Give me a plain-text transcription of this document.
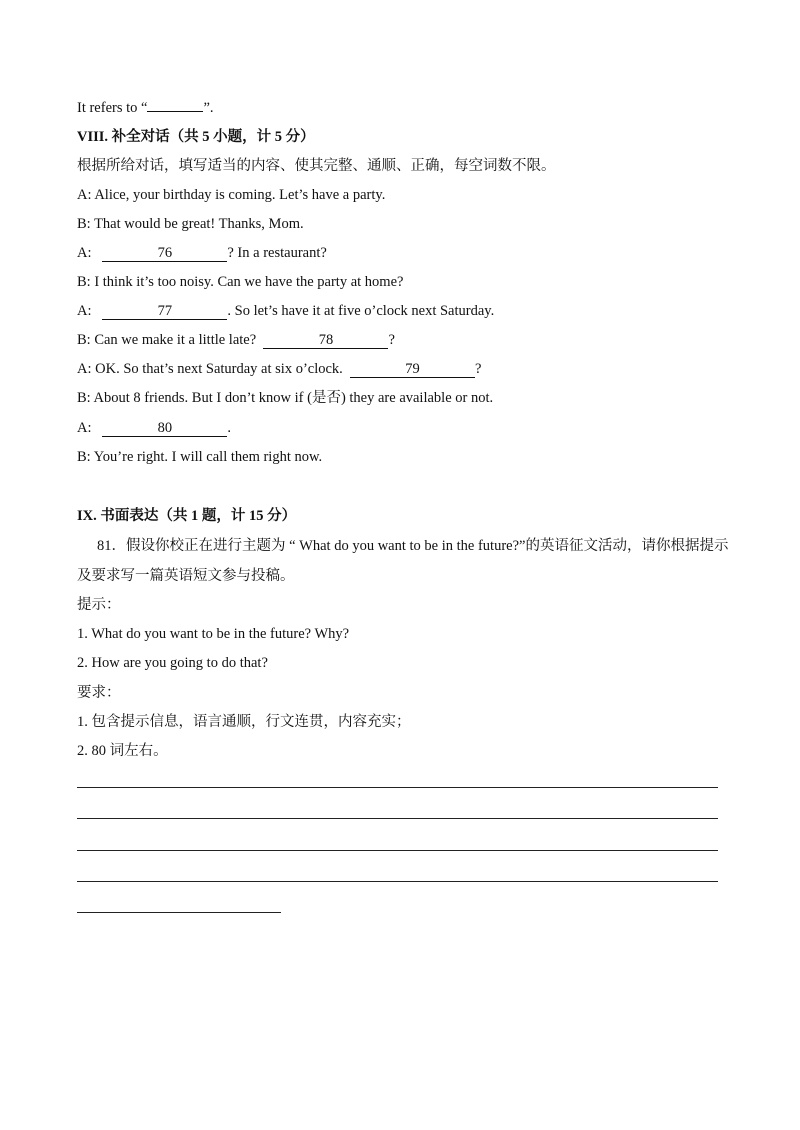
It refers to “	”.
VIII. 补全对话（共 5 小题，计 5 分）
根据所给对话，填写适当的内容、使其完整、通顺、正确，每空词数不限。
A: Alice, your birthday is coming. Let’s have a party.
B: That would be great! Thanks, Mom.
A:	76	? In a restaurant?
B: I think it’s too noisy. Can we have the party at home?
A:	77	. So let’s have it at five o’clock next Saturday.
B: Can we make it a little late?	78	?
A: OK. So that’s next Saturday at six o’clock.	79	?
B: About 8 friends. But I don’t know if (是否) they are available or not.
A:	80	.
B: You’re right. I will call them right now.
IX. 书面表达（共 1 题，计 15 分）
81．假设你校正在进行主题为 “ What do you want to be in the future?”的英语征文活动，请你根据提示
及要求写一篇英语短文参与投稿。
提示：
1. What do you want to be in the future? Why?
2. How are you going to do that?
要求：
1. 包含提示信息，语言通顺，行文连贯，内容充实；
2. 80 词左右。
